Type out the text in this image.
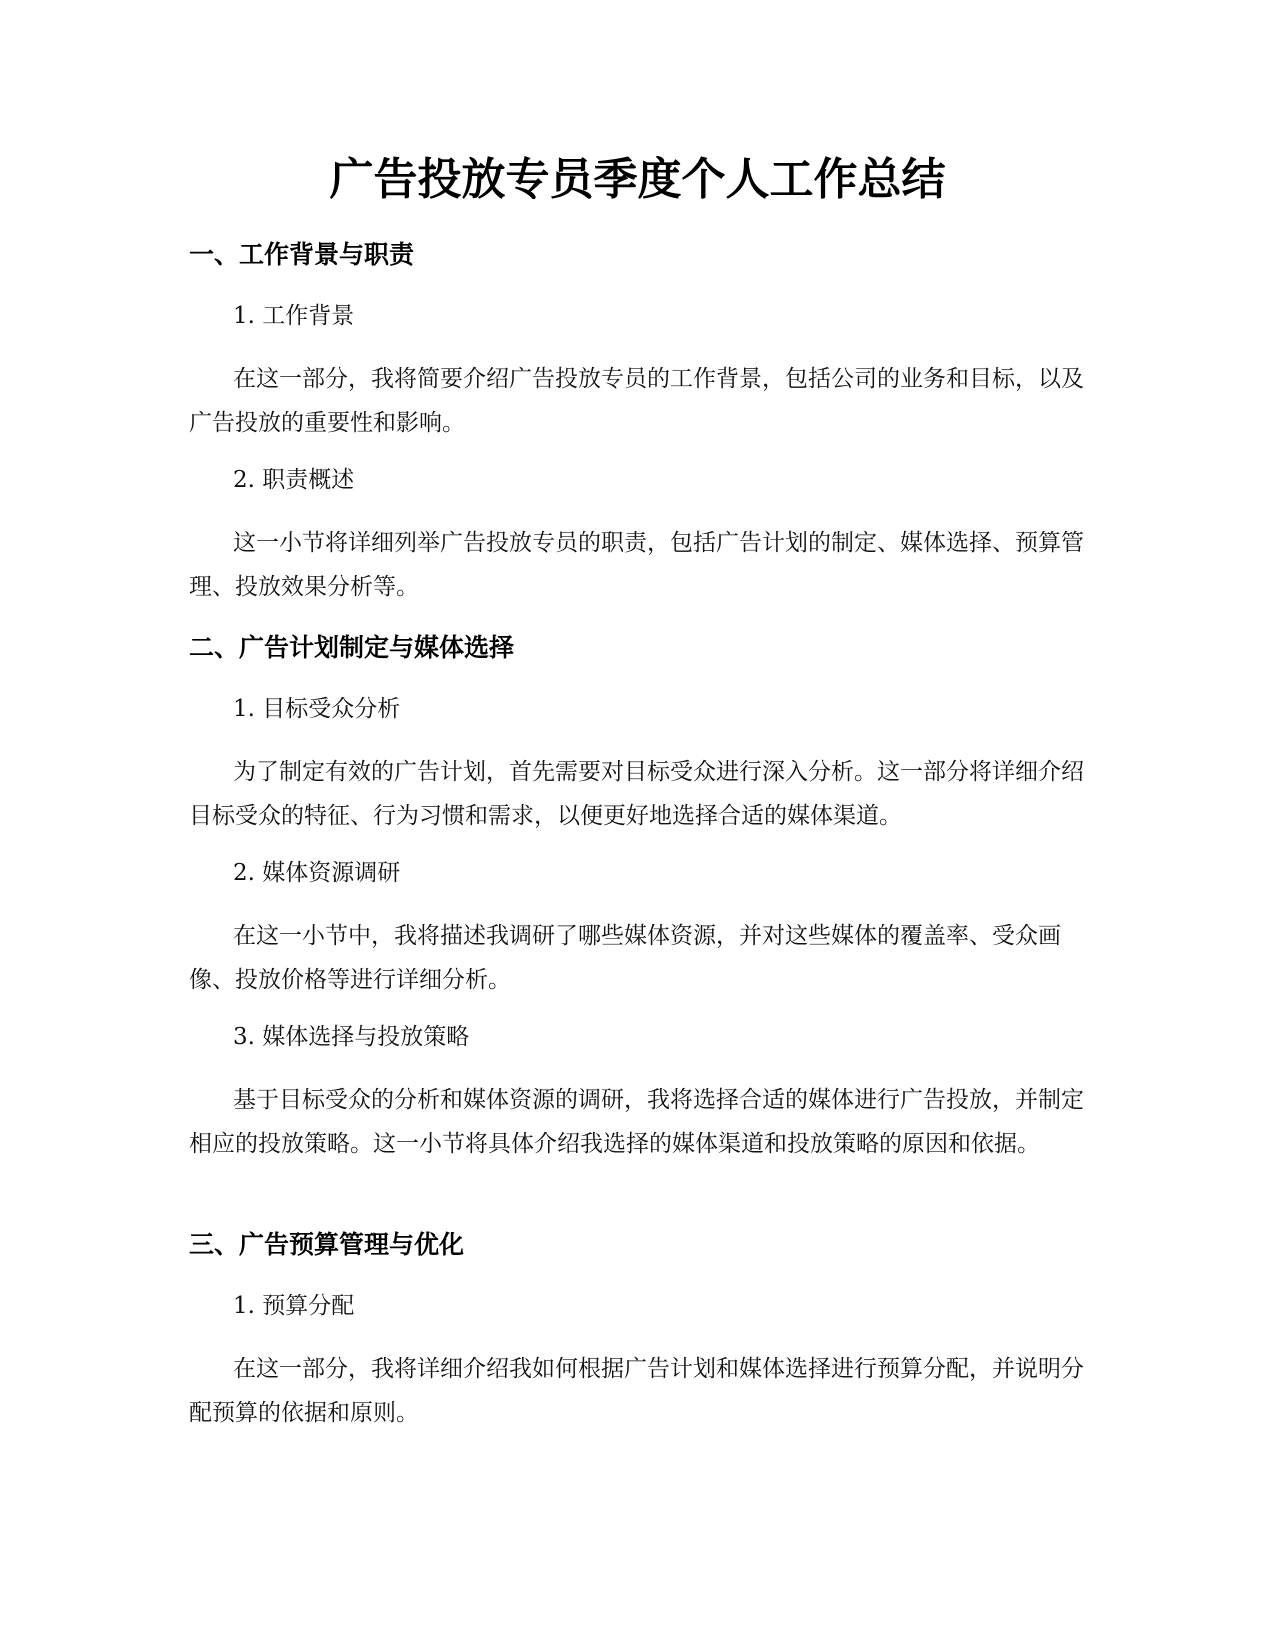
广告投放专员季度个人工作总结
一、工作背景与职责
1. 工作背景

在这一部分，我将简要介绍广告投放专员的工作背景，包括公司的业务和目标，以及广告投放的重要性和影响。

2. 职责概述

这一小节将详细列举广告投放专员的职责，包括广告计划的制定、媒体选择、预算管理、投放效果分析等。

二、广告计划制定与媒体选择
1. 目标受众分析

为了制定有效的广告计划，首先需要对目标受众进行深入分析。这一部分将详细介绍目标受众的特征、行为习惯和需求，以便更好地选择合适的媒体渠道。

2. 媒体资源调研

在这一小节中，我将描述我调研了哪些媒体资源，并对这些媒体的覆盖率、受众画像、投放价格等进行详细分析。

3. 媒体选择与投放策略

基于目标受众的分析和媒体资源的调研，我将选择合适的媒体进行广告投放，并制定相应的投放策略。这一小节将具体介绍我选择的媒体渠道和投放策略的原因和依据。

三、广告预算管理与优化
1. 预算分配

在这一部分，我将详细介绍我如何根据广告计划和媒体选择进行预算分配，并说明分配预算的依据和原则。
